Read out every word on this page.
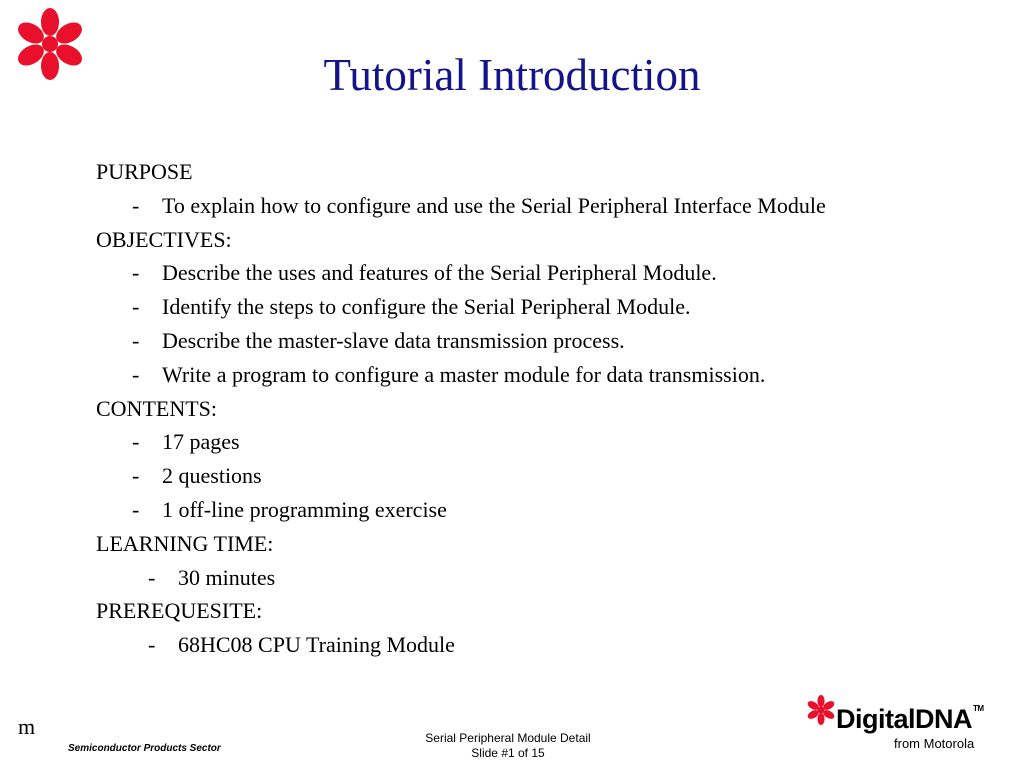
Tutorial Introduction
PURPOSE
-	To explain how to configure and use the Serial Peripheral Interface Module
OBJECTIVES:
-	Describe the uses and features of the Serial Peripheral Module.
-	Identify the steps to configure the Serial Peripheral Module.
-	Describe the master-slave data transmission process.
-	Write a program to configure a master module for data transmission.
CONTENTS:
-	17 pages
-	2 questions
-	1 off-line programming exercise
LEARNING TIME:
-	30 minutes
PREREQUESITE:
-	68HC08 CPU Training Module
m
Semiconductor Products Sector
Serial Peripheral Module Detail
Slide #1 of 15
DigitalDNA™
from Motorola
